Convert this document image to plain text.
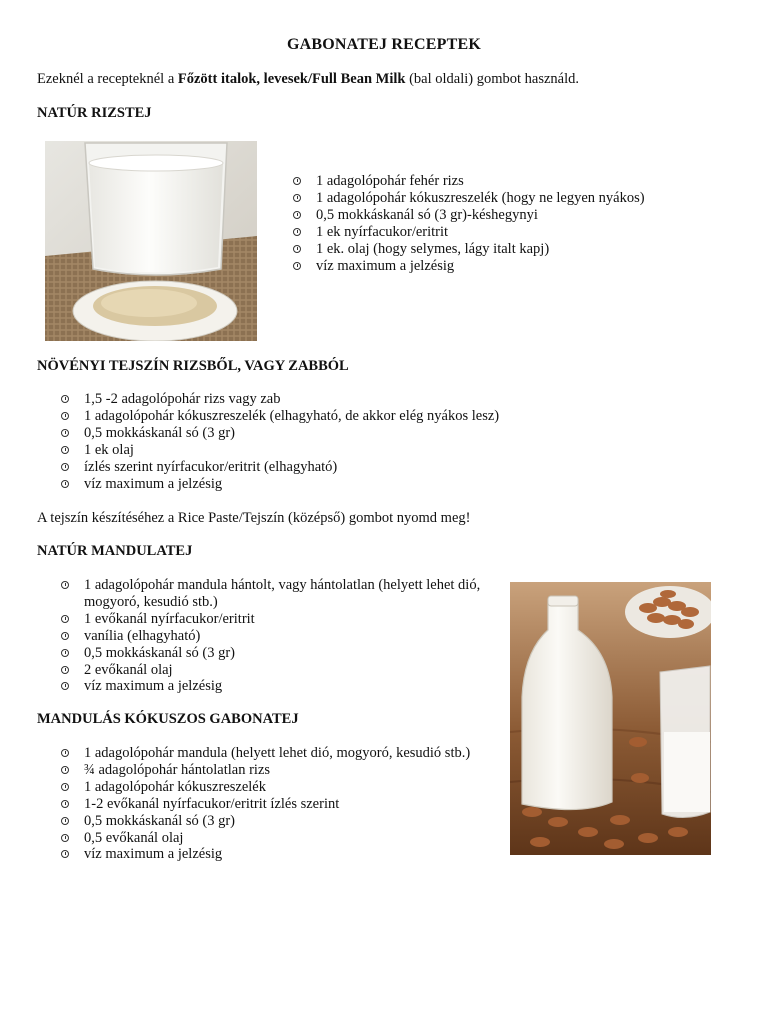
GABONATEJ RECEPTEK
Ezeknél a recepteknél a Főzött italok, levesek/Full Bean Milk (bal oldali) gombot használd.
NATÚR RIZSTEJ
1 adagolópohár fehér rizs
1 adagolópohár kókuszreszelék (hogy ne legyen nyákos)
0,5 mokkáskanál só (3 gr)-késhegynyi
1 ek nyírfacukor/eritrit
1 ek. olaj (hogy selymes, lágy italt kapj)
víz maximum a jelzésig
NÖVÉNYI TEJSZÍN RIZSBŐL, VAGY ZABBÓL
1,5 -2 adagolópohár rizs vagy zab
1 adagolópohár kókuszreszelék (elhagyható, de akkor elég nyákos lesz)
0,5 mokkáskanál só (3 gr)
1 ek olaj
ízlés szerint nyírfacukor/eritrit (elhagyható)
víz maximum a jelzésig
A tejszín készítéséhez a Rice Paste/Tejszín (középső) gombot nyomd meg!
NATÚR MANDULATEJ
1 adagolópohár mandula hántolt, vagy hántolatlan (helyett lehet dió, mogyoró, kesudió stb.)
1 evőkanál nyírfacukor/eritrit
vanília (elhagyható)
0,5 mokkáskanál só (3 gr)
2 evőkanál olaj
víz maximum a jelzésig
MANDULÁS KÓKUSZOS GABONATEJ
1 adagolópohár mandula (helyett lehet dió, mogyoró, kesudió stb.)
¾ adagolópohár hántolatlan rizs
1 adagolópohár kókuszreszelék
1-2 evőkanál nyírfacukor/eritrit ízlés szerint
0,5 mokkáskanál só (3 gr)
0,5 evőkanál olaj
víz maximum a jelzésig
